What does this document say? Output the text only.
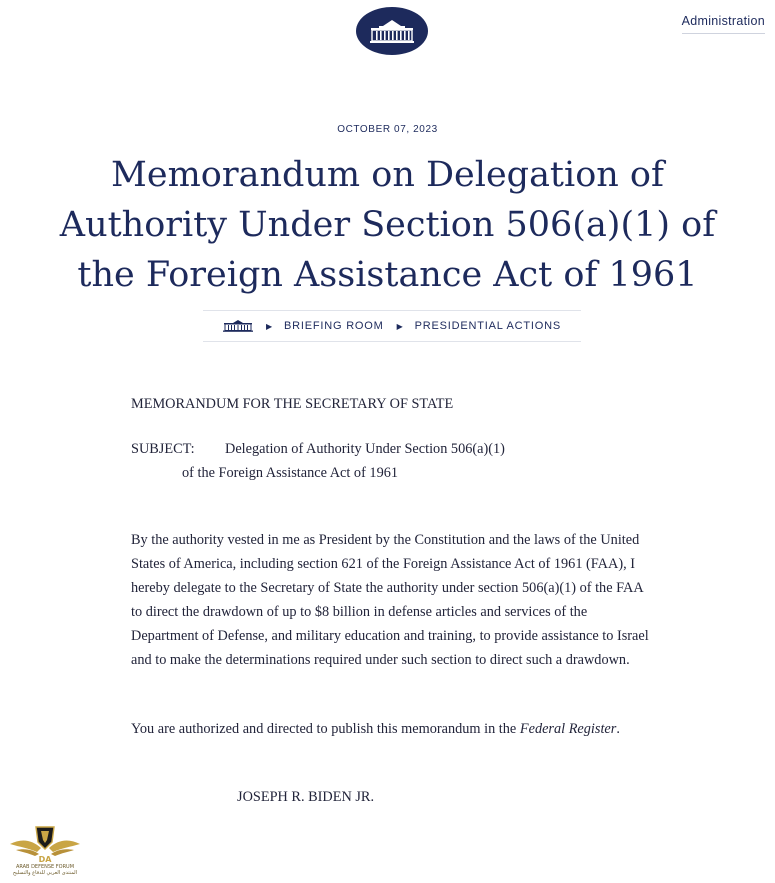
Administration
OCTOBER 07, 2023
Memorandum on Delegation of Authority Under Section 506(a)(1) of the Foreign Assistance Act of 1961
▶ BRIEFING ROOM ▶ PRESIDENTIAL ACTIONS
MEMORANDUM FOR THE SECRETARY OF STATE
SUBJECT: Delegation of Authority Under Section 506(a)(1)
of the Foreign Assistance Act of 1961

By the authority vested in me as President by the Constitution and the laws of the United States of America, including section 621 of the Foreign Assistance Act of 1961 (FAA), I hereby delegate to the Secretary of State the authority under section 506(a)(1) of the FAA to direct the drawdown of up to $8 billion in defense articles and services of the Department of Defense, and military education and training, to provide assistance to Israel and to make the determinations required under such section to direct such a drawdown.

You are authorized and directed to publish this memorandum in the Federal Register.

JOSEPH R. BIDEN JR.
DA
ARAB DEFENSE FORUM
المنتدى العربي للدفاع والتسليح
